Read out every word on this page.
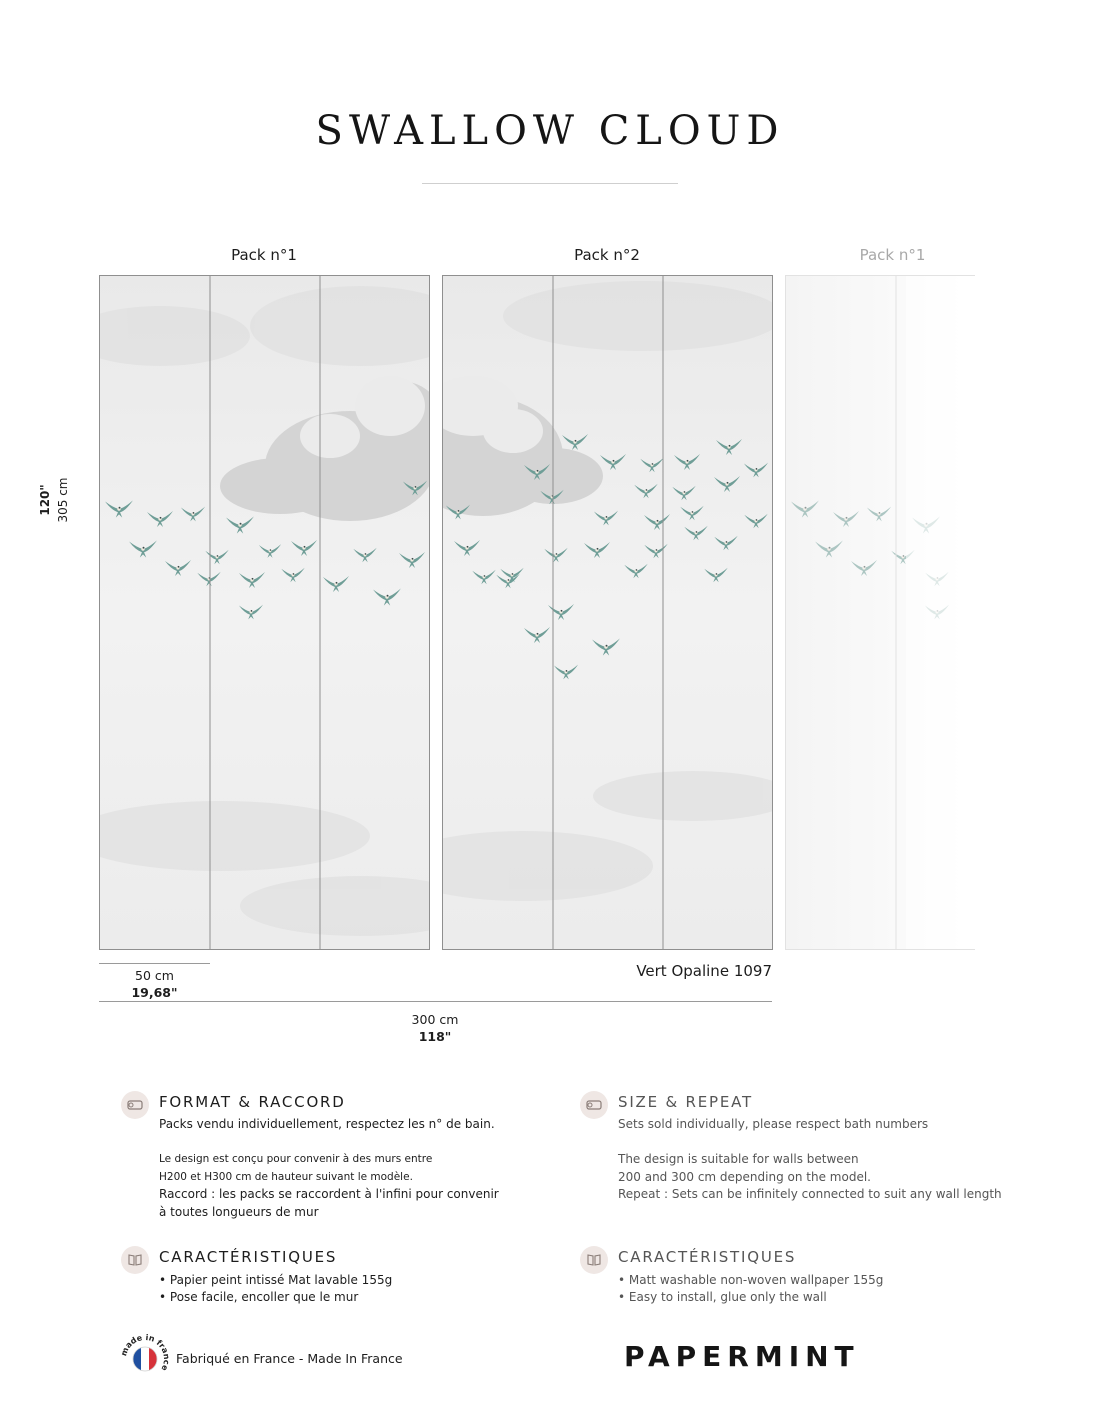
SWALLOW CLOUD
Pack n°1	Pack n°2	Pack n°1
120" 305 cm
50 cm
19,68"
Vert Opaline 1097
300 cm
118"
FORMAT & RACCORD
Packs vendu individuellement, respectez les n° de bain.
Le design est conçu pour convenir à des murs entre
H200 et H300 cm de hauteur suivant le modèle.
Raccord : les packs se raccordent à l'infini pour convenir
à toutes longueurs de mur
SIZE & REPEAT
Sets sold individually, please respect bath numbers
The design is suitable for walls between
200 and 300 cm depending on the model.
Repeat : Sets can be infinitely connected to suit any wall length
CARACTÉRISTIQUES
• Papier peint intissé Mat lavable 155g
• Pose facile, encoller que le mur
CARACTÉRISTIQUES
• Matt washable non-woven wallpaper 155g
• Easy to install, glue only the wall
made in fra e
Fabriqué en France - Made In France	PAPERMINT
